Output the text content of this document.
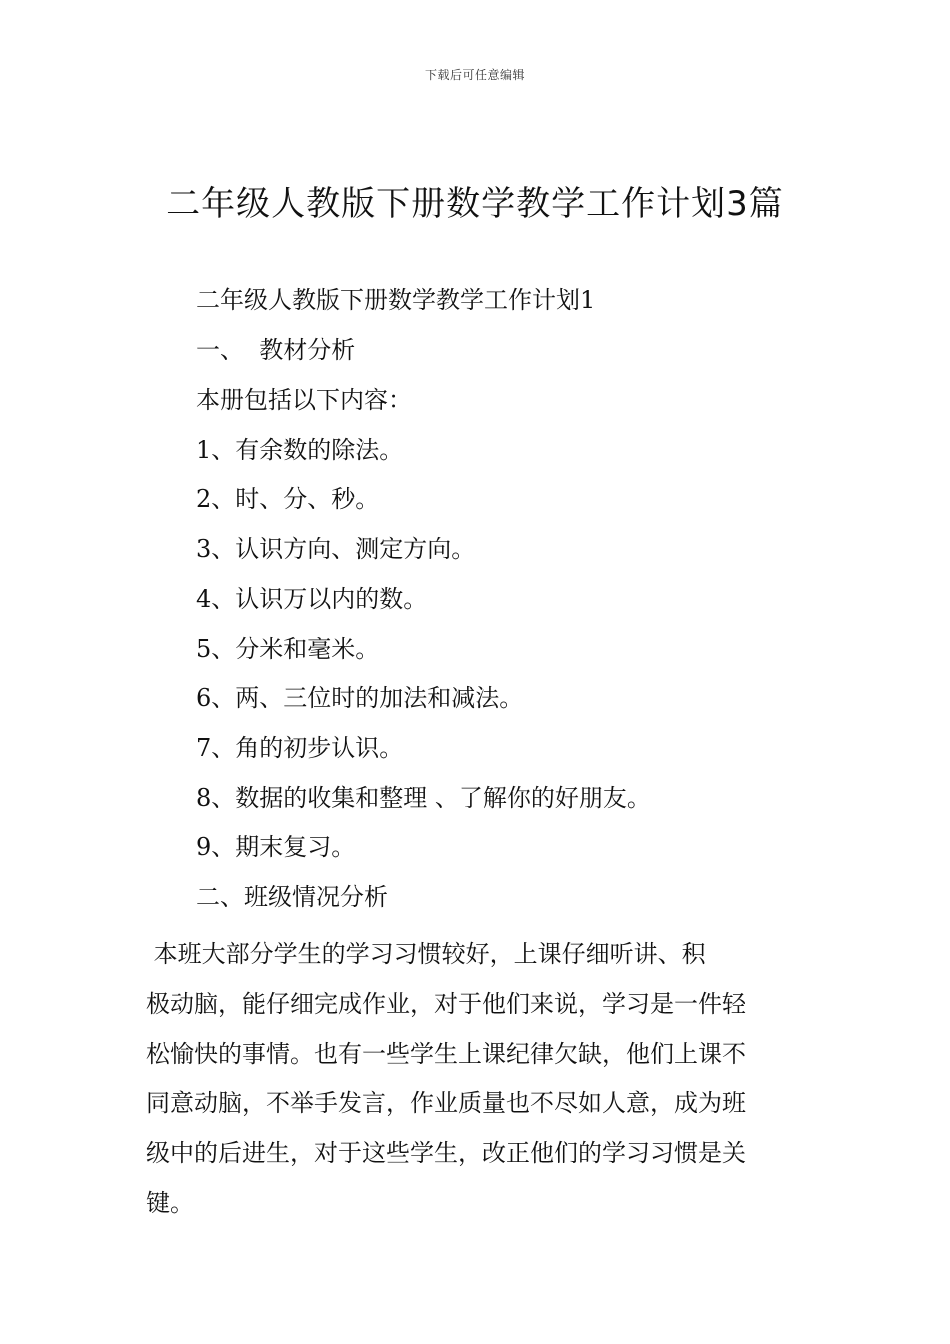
下载后可任意编辑
二年级人教版下册数学教学工作计划3篇

二年级人教版下册数学教学工作计划1

一、  教材分析

本册包括以下内容：

1、有余数的除法。

2、时、分、秒。

3、认识方向、测定方向。

4、认识万以内的数。

5、分米和毫米。

6、两、三位时的加法和减法。

7、角的初步认识。

8、数据的收集和整理 、了解你的好朋友。

9、期末复习。

二、班级情况分析

本班大部分学生的学习习惯较好，上课仔细听讲、积
极动脑，能仔细完成作业，对于他们来说，学习是一件轻
松愉快的事情。也有一些学生上课纪律欠缺，他们上课不
同意动脑，不举手发言，作业质量也不尽如人意，成为班
级中的后进生，对于这些学生，改正他们的学习习惯是关
键。
